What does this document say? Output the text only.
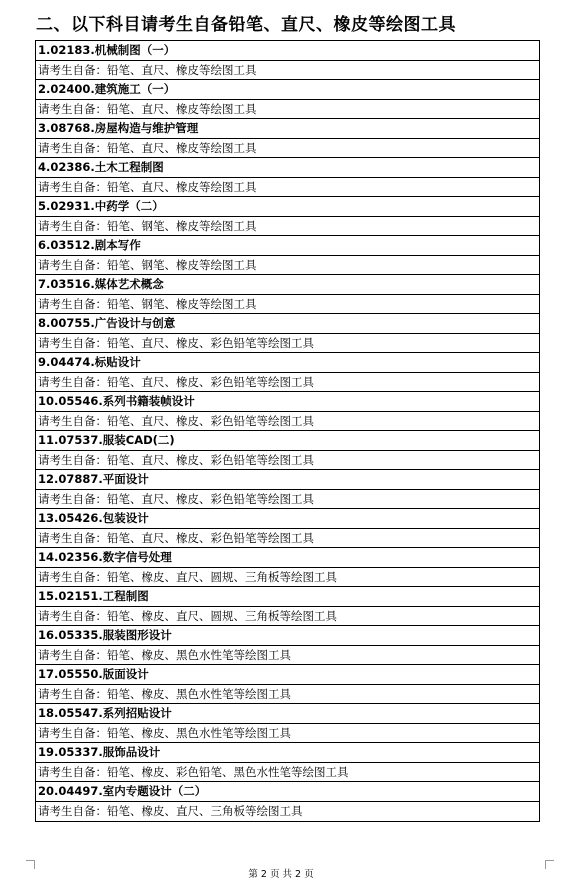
二、以下科目请考生自备铅笔、直尺、橡皮等绘图工具
1.02183.机械制图（一）
请考生自备：铅笔、直尺、橡皮等绘图工具
2.02400.建筑施工（一）
请考生自备：铅笔、直尺、橡皮等绘图工具
3.08768.房屋构造与维护管理
请考生自备：铅笔、直尺、橡皮等绘图工具
4.02386.土木工程制图
请考生自备：铅笔、直尺、橡皮等绘图工具
5.02931.中药学（二）
请考生自备：铅笔、钢笔、橡皮等绘图工具
6.03512.剧本写作
请考生自备：铅笔、钢笔、橡皮等绘图工具
7.03516.媒体艺术概念
请考生自备：铅笔、钢笔、橡皮等绘图工具
8.00755.广告设计与创意
请考生自备：铅笔、直尺、橡皮、彩色铅笔等绘图工具
9.04474.标贴设计
请考生自备：铅笔、直尺、橡皮、彩色铅笔等绘图工具
10.05546.系列书籍装帧设计
请考生自备：铅笔、直尺、橡皮、彩色铅笔等绘图工具
11.07537.服装CAD(二)
请考生自备：铅笔、直尺、橡皮、彩色铅笔等绘图工具
12.07887.平面设计
请考生自备：铅笔、直尺、橡皮、彩色铅笔等绘图工具
13.05426.包装设计
请考生自备：铅笔、直尺、橡皮、彩色铅笔等绘图工具
14.02356.数字信号处理
请考生自备：铅笔、橡皮、直尺、圆规、三角板等绘图工具
15.02151.工程制图
请考生自备：铅笔、橡皮、直尺、圆规、三角板等绘图工具
16.05335.服装图形设计
请考生自备：铅笔、橡皮、黑色水性笔等绘图工具
17.05550.版面设计
请考生自备：铅笔、橡皮、黑色水性笔等绘图工具
18.05547.系列招贴设计
请考生自备：铅笔、橡皮、黑色水性笔等绘图工具
19.05337.服饰品设计
请考生自备：铅笔、橡皮、彩色铅笔、黑色水性笔等绘图工具
20.04497.室内专题设计（二）
请考生自备：铅笔、橡皮、直尺、三角板等绘图工具
第 2 页 共 2 页
